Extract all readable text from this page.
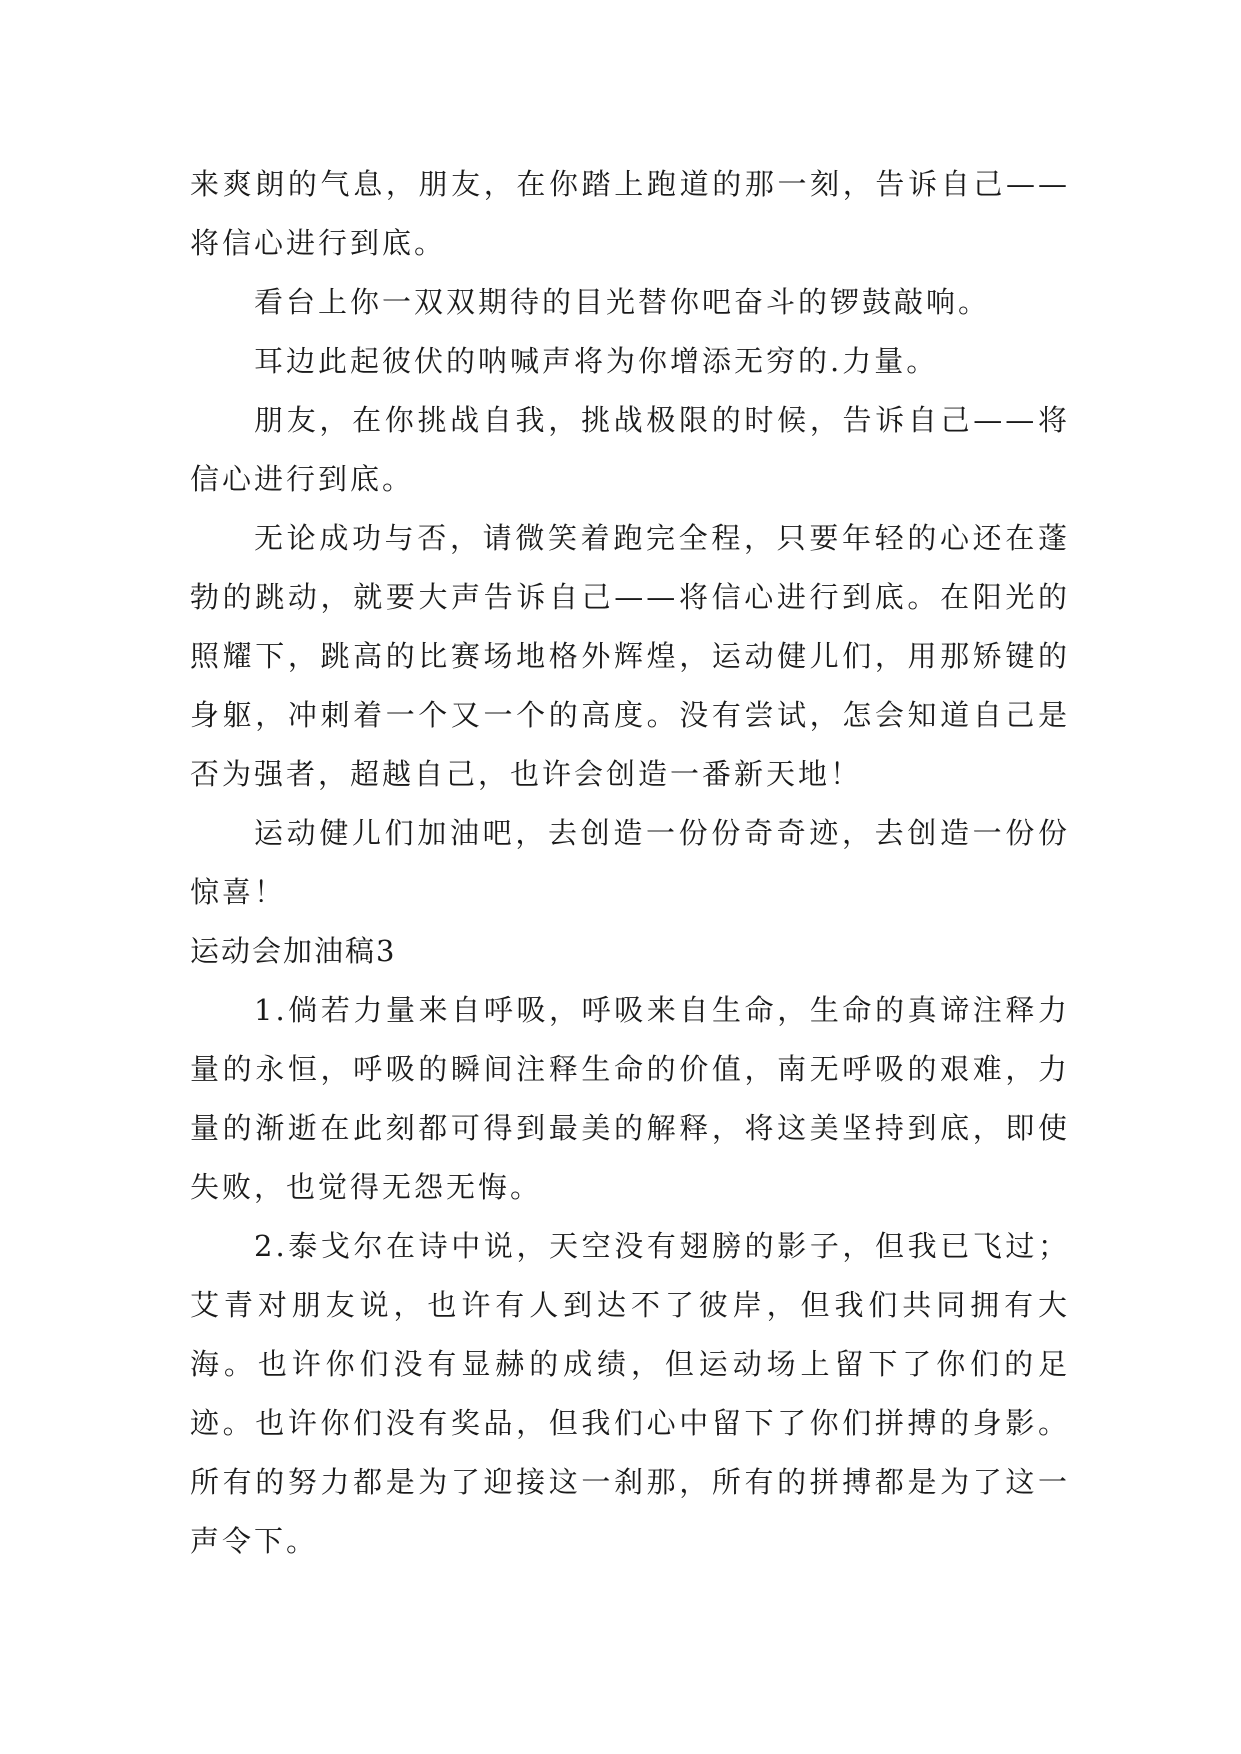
来爽朗的气息，朋友，在你踏上跑道的那一刻，告诉自己——将信心进行到底。

看台上你一双双期待的目光替你吧奋斗的锣鼓敲响。

耳边此起彼伏的呐喊声将为你增添无穷的.力量。

朋友，在你挑战自我，挑战极限的时候，告诉自己——将信心进行到底。

无论成功与否，请微笑着跑完全程，只要年轻的心还在蓬勃的跳动，就要大声告诉自己——将信心进行到底。在阳光的照耀下，跳高的比赛场地格外辉煌，运动健儿们，用那矫键的身躯，冲刺着一个又一个的高度。没有尝试，怎会知道自己是否为强者，超越自己，也许会创造一番新天地！

运动健儿们加油吧，去创造一份份奇奇迹，去创造一份份惊喜！

运动会加油稿3

1.倘若力量来自呼吸，呼吸来自生命，生命的真谛注释力量的永恒，呼吸的瞬间注释生命的价值，南无呼吸的艰难，力量的渐逝在此刻都可得到最美的解释，将这美坚持到底，即使失败，也觉得无怨无悔。

2.泰戈尔在诗中说，天空没有翅膀的影子，但我已飞过；艾青对朋友说，也许有人到达不了彼岸，但我们共同拥有大海。也许你们没有显赫的成绩，但运动场上留下了你们的足迹。也许你们没有奖品，但我们心中留下了你们拼搏的身影。所有的努力都是为了迎接这一刹那，所有的拼搏都是为了这一声令下。
